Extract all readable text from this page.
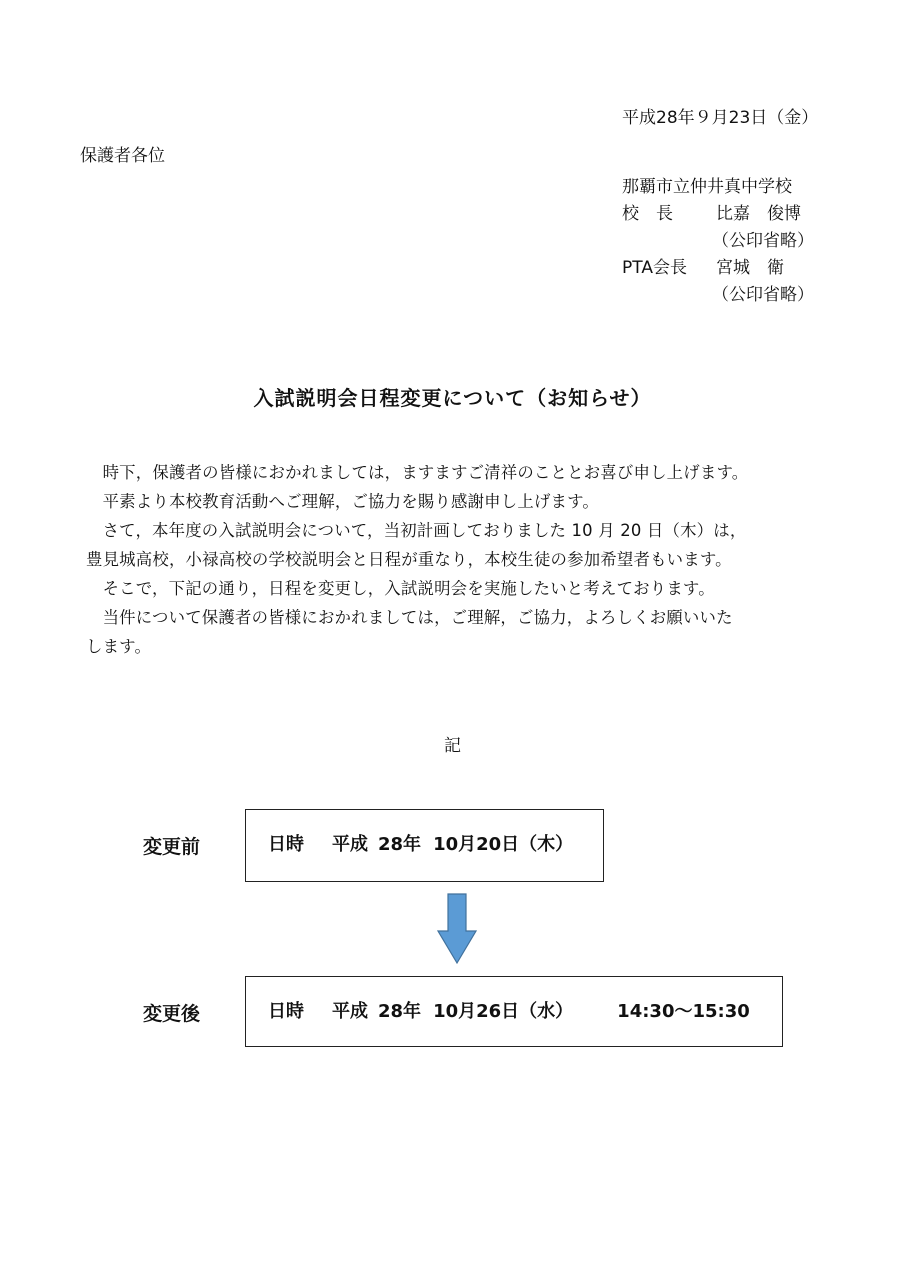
平成28年９月23日（金）
保護者各位
那覇市立仲井真中学校
校　長	比嘉　俊博
（公印省略）
PTA会長 宮城　衛
（公印省略）
入試説明会日程変更について（お知らせ）
　時下，保護者の皆様におかれましては，ますますご清祥のこととお喜び申し上げます。
　平素より本校教育活動へご理解，ご協力を賜り感謝申し上げます。
　さて，本年度の入試説明会について，当初計画しておりました 10 月 20 日（木）は，
豊見城高校，小禄高校の学校説明会と日程が重なり，本校生徒の参加希望者もいます。
　そこで，下記の通り，日程を変更し，入試説明会を実施したいと考えております。
　当件について保護者の皆様におかれましては，ご理解，ご協力，よろしくお願いいた
します。
記
変更前	日時 平成 28年 10月20日（木）
変更後	日時 平成 28年 10月26日（水） 14:30～15:30
